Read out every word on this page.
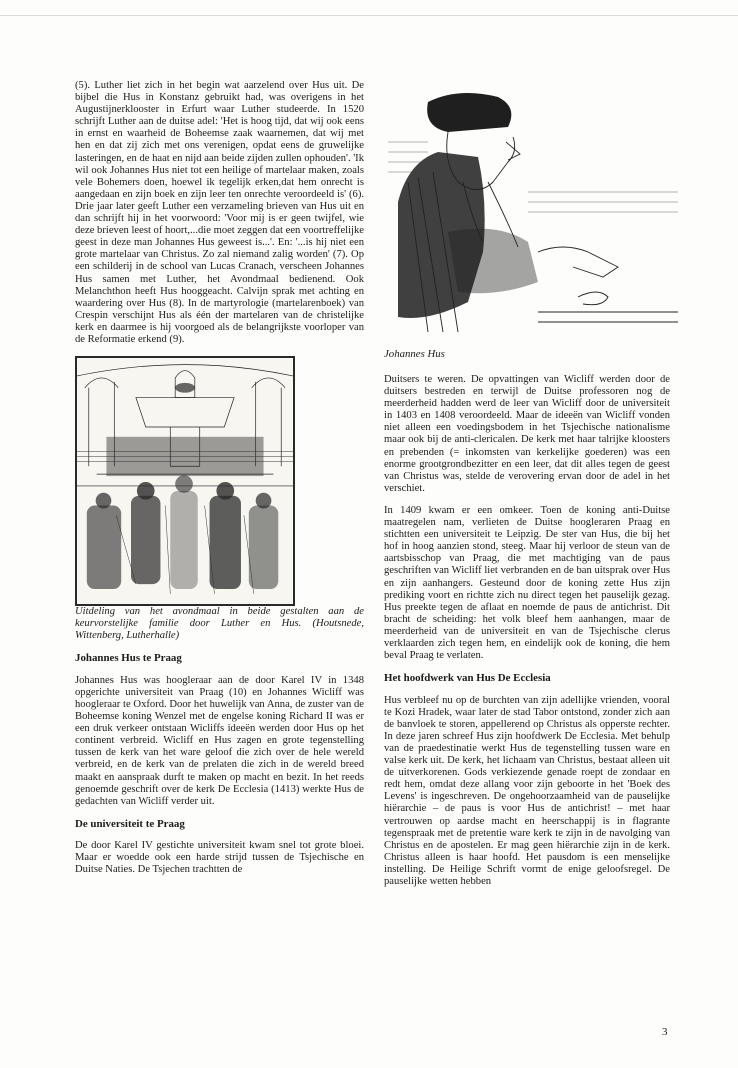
(5). Luther liet zich in het begin wat aarzelend over Hus uit. De bijbel die Hus in Konstanz gebruikt had, was overigens in het Augustijnerklooster in Erfurt waar Luther studeerde. In 1520 schrijft Luther aan de duitse adel: 'Het is hoog tijd, dat wij ook eens in ernst en waarheid de Boheemse zaak waarnemen, dat wij met hen en dat zij zich met ons verenigen, opdat eens de gruwelijke lasteringen, en de haat en nijd aan beide zijden zullen ophouden'. 'Ik wil ook Johannes Hus niet tot een heilige of martelaar maken, zoals vele Bohemers doen, hoewel ik tegelijk erken,dat hem onrecht is aangedaan en zijn boek en zijn leer ten onrechte veroordeeld is' (6). Drie jaar later geeft Luther een verzameling brieven van Hus uit en dan schrijft hij in het voorwoord: 'Voor mij is er geen twijfel, wie deze brieven leest of hoort,...die moet zeggen dat een voortreffelijke geest in deze man Johannes Hus geweest is...'. En: '...is hij niet een grote martelaar van Christus. Zo zal niemand zalig worden' (7). Op een schilderij in de school van Lucas Cranach, verscheen Johannes Hus samen met Luther, het Avondmaal bedienend. Ook Melanchthon heeft Hus hooggeacht. Calvijn sprak met achting en waardering over Hus (8). In de martyrologie (martelarenboek) van Crespin verschijnt Hus als één der martelaren van de christelijke kerk en daarmee is hij voorgoed als de belangrijkste voorloper van de Reformatie erkend (9).

Uitdeling van het avondmaal in beide gestalten aan de keurvorstelijke familie door Luther en Hus. (Houtsnede, Wittenberg, Lutherhalle)

Johannes Hus te Praag

Johannes Hus was hoogleraar aan de door Karel IV in 1348 opgerichte universiteit van Praag (10) en Johannes Wicliff was hoogleraar te Oxford. Door het huwelijk van Anna, de zuster van de Boheemse koning Wenzel met de engelse koning Richard II was er een druk verkeer ontstaan Wicliffs ideeën werden door Hus op het continent verbreid. Wicliff en Hus zagen en grote tegenstelling tussen de kerk van het ware geloof die zich over de hele wereld verbreid, en de kerk van de prelaten die zich in de wereld breed maakt en aanspraak durft te maken op macht en bezit. In het reeds genoemde geschrift over de kerk De Ecclesia (1413) werkte Hus de gedachten van Wicliff verder uit.

De universiteit te Praag

De door Karel IV gestichte universiteit kwam snel tot grote bloei. Maar er woedde ook een harde strijd tussen de Tsjechische en Duitse Naties. De Tsjechen trachtten de

Johannes Hus

Duitsers te weren. De opvattingen van Wicliff werden door de duitsers bestreden en terwijl de Duitse professoren nog de meerderheid hadden werd de leer van Wicliff door de universiteit in 1403 en 1408 veroordeeld. Maar de ideeën van Wicliff vonden niet alleen een voedingsbodem in het Tsjechische nationalisme maar ook bij de anti-clericalen. De kerk met haar talrijke kloosters en prebenden (= inkomsten van kerkelijke goederen) was een enorme grootgrondbezitter en een leer, dat dit alles tegen de geest van Christus was, stelde de verovering ervan door de adel in het verschiet.

In 1409 kwam er een omkeer. Toen de koning anti-Duitse maatregelen nam, verlieten de Duitse hoogleraren Praag en stichtten een universiteit te Leipzig. De ster van Hus, die bij het hof in hoog aanzien stond, steeg. Maar hij verloor de steun van de aartsbisschop van Praag, die met machtiging van de paus geschriften van Wicliff liet verbranden en de ban uitsprak over Hus en zijn aanhangers. Gesteund door de koning zette Hus zijn prediking voort en richtte zich nu direct tegen het pauselijk gezag. Hus preekte tegen de aflaat en noemde de paus de antichrist. Dit bracht de scheiding: het volk bleef hem aanhangen, maar de meerderheid van de universiteit en van de Tsjechische clerus verklaarden zich tegen hem, en eindelijk ook de koning, die hem beval Praag te verlaten.

Het hoofdwerk van Hus De Ecclesia

Hus verbleef nu op de burchten van zijn adellijke vrienden, vooral te Kozi Hradek, waar later de stad Tabor ontstond, zonder zich aan de banvloek te storen, appellerend op Christus als opperste rechter. In deze jaren schreef Hus zijn hoofdwerk De Ecclesia. Met behulp van de praedestinatie werkt Hus de tegenstelling tussen ware en valse kerk uit. De kerk, het lichaam van Christus, bestaat alleen uit de uitverkorenen. Gods verkiezende genade roept de zondaar en redt hem, omdat deze allang voor zijn geboorte in het 'Boek des Levens' is ingeschreven. De ongehoorzaamheid van de pauselijke hiërarchie – de paus is voor Hus de antichrist! – met haar vertrouwen op aardse macht en heerschappij is in flagrante tegenspraak met de pretentie ware kerk te zijn in de navolging van Christus en de apostelen. Er mag geen hiërarchie zijn in de kerk. Christus alleen is haar hoofd. Het pausdom is een menselijke instelling. De Heilige Schrift vormt de enige geloofsregel. De pauselijke wetten hebben

3
